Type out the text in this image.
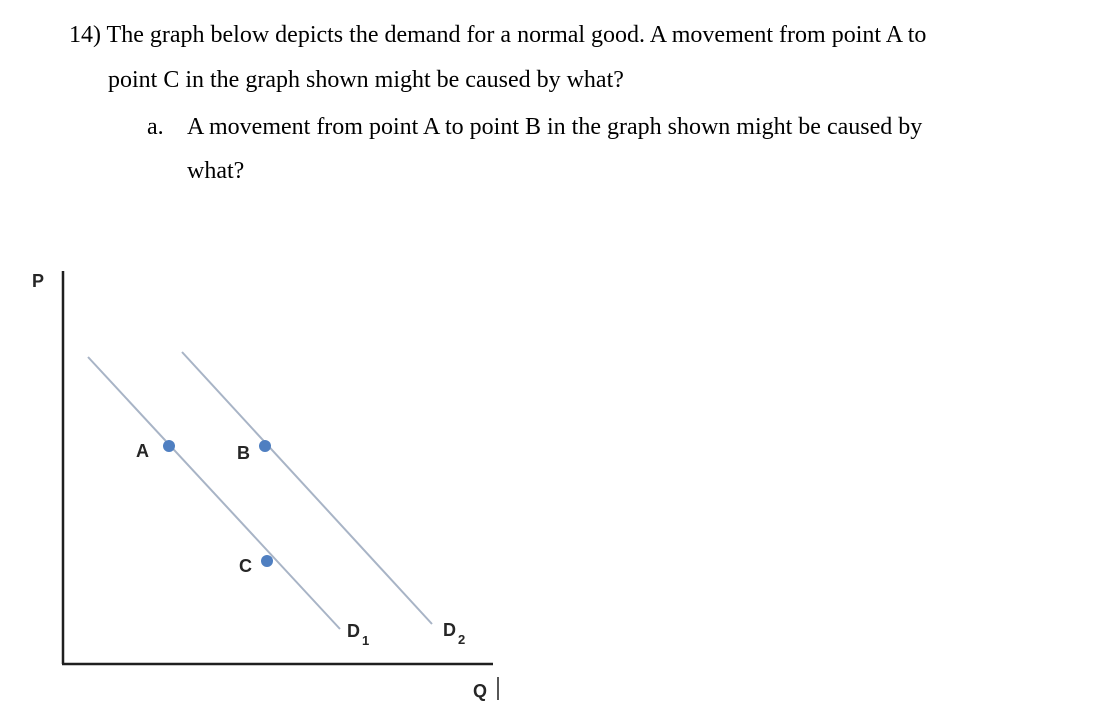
14) The graph below depicts the demand for a normal good. A movement from point A to
point C in the graph shown might be caused by what?
a. A movement from point A to point B in the graph shown might be caused by
what?
P
Q
D $_1$
D $_2$
A	B
C
